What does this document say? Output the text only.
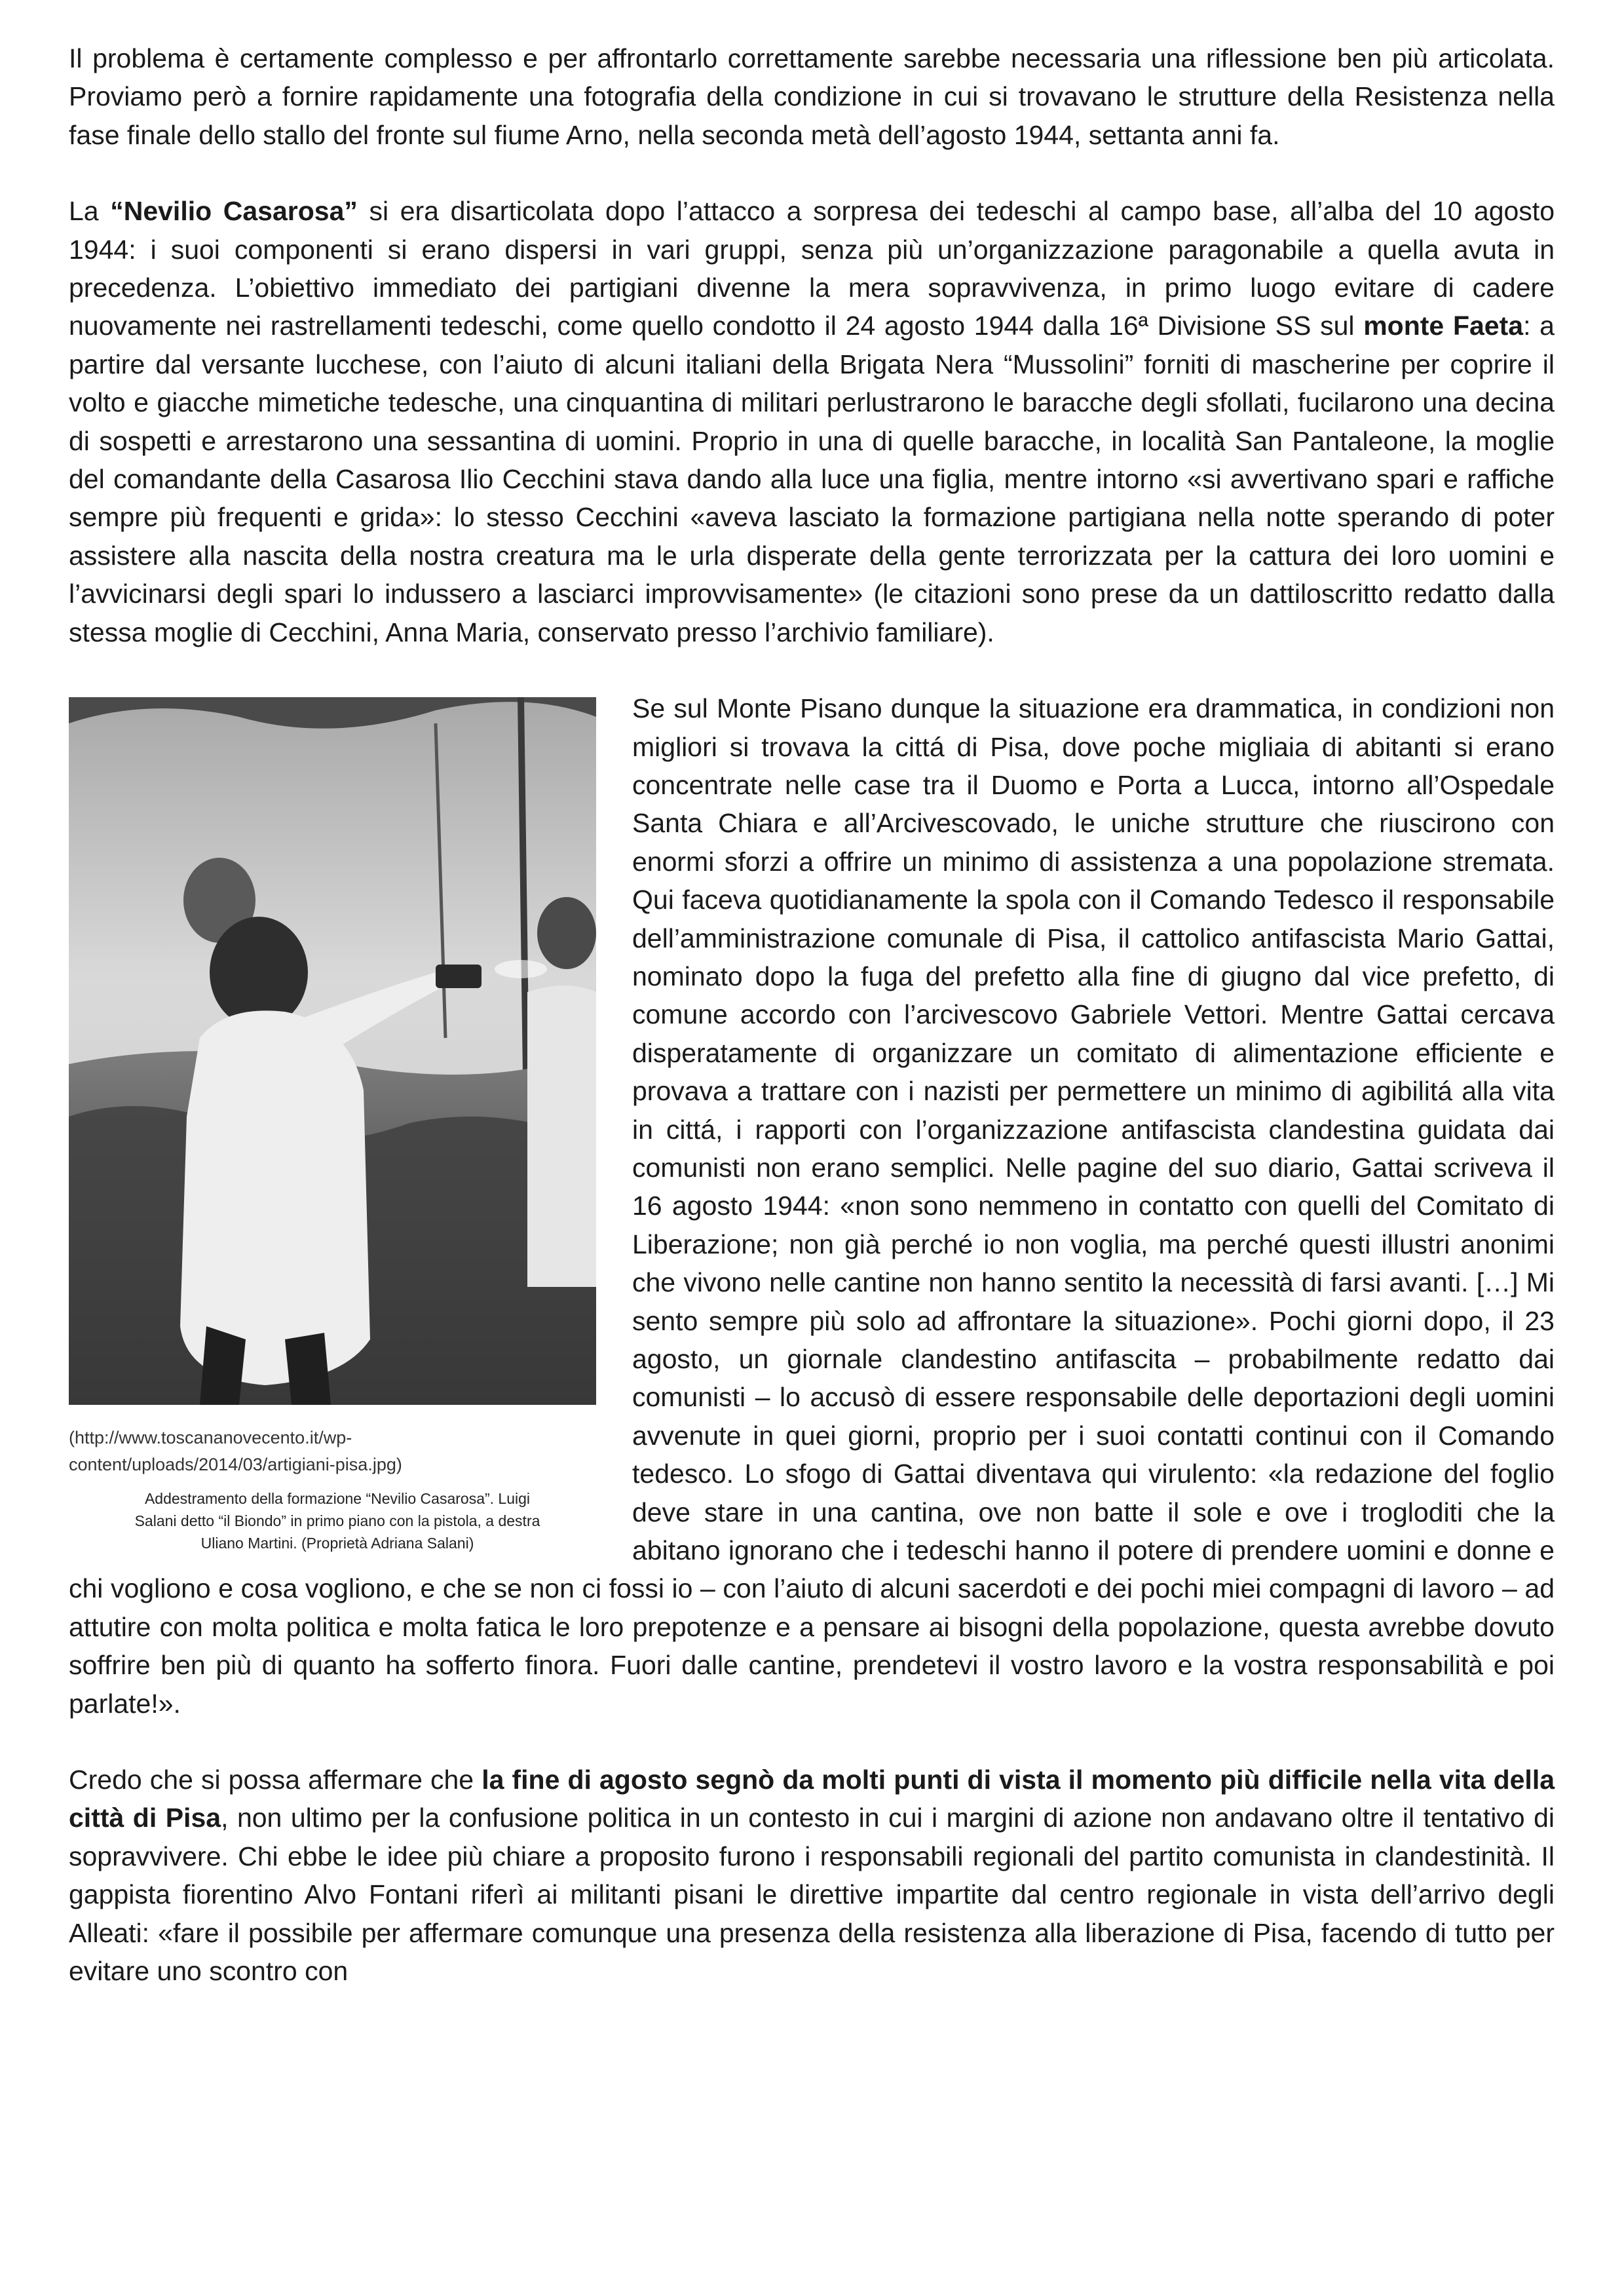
Il problema è certamente complesso e per affrontarlo correttamente sarebbe necessaria una riflessione ben più articolata. Proviamo però a fornire rapidamente una fotografia della condizione in cui si trovavano le strutture della Resistenza nella fase finale dello stallo del fronte sul fiume Arno, nella seconda metà dell’agosto 1944, settanta anni fa.

La “Nevilio Casarosa” si era disarticolata dopo l’attacco a sorpresa dei tedeschi al campo base, all’alba del 10 agosto 1944: i suoi componenti si erano dispersi in vari gruppi, senza più un’organizzazione paragonabile a quella avuta in precedenza. L’obiettivo immediato dei partigiani divenne la mera sopravvivenza, in primo luogo evitare di cadere nuovamente nei rastrellamenti tedeschi, come quello condotto il 24 agosto 1944 dalla 16ª Divisione SS sul monte Faeta: a partire dal versante lucchese, con l’aiuto di alcuni italiani della Brigata Nera “Mussolini” forniti di mascherine per coprire il volto e giacche mimetiche tedesche, una cinquantina di militari perlustrarono le baracche degli sfollati, fucilarono una decina di sospetti e arrestarono una sessantina di uomini. Proprio in una di quelle baracche, in località San Pantaleone, la moglie del comandante della Casarosa Ilio Cecchini stava dando alla luce una figlia, mentre intorno «si avvertivano spari e raffiche sempre più frequenti e grida»: lo stesso Cecchini «aveva lasciato la formazione partigiana nella notte sperando di poter assistere alla nascita della nostra creatura ma le urla disperate della gente terrorizzata per la cattura dei loro uomini e l’avvicinarsi degli spari lo indussero a lasciarci improvvisamente» (le citazioni sono prese da un dattiloscritto redatto dalla stessa moglie di Cecchini, Anna Maria, conservato presso l’archivio familiare).

(http://www.toscananovecento.it/wp-
content/uploads/2014/03/artigiani-pisa.jpg)
Addestramento della formazione “Nevilio Casarosa”. Luigi
Salani detto “il Biondo” in primo piano con la pistola, a destra
Uliano Martini. (Proprietà Adriana Salani)
Se sul Monte Pisano dunque la situazione era drammatica, in condizioni non migliori si trovava la cittá di Pisa, dove poche migliaia di abitanti si erano concentrate nelle case tra il Duomo e Porta a Lucca, intorno all’Ospedale Santa Chiara e all’Arcivescovado, le uniche strutture che riuscirono con enormi sforzi a offrire un minimo di assistenza a una popolazione stremata. Qui faceva quotidianamente la spola con il Comando Tedesco il responsabile dell’amministrazione comunale di Pisa, il cattolico antifascista Mario Gattai, nominato dopo la fuga del prefetto alla fine di giugno dal vice prefetto, di comune accordo con l’arcivescovo Gabriele Vettori. Mentre Gattai cercava disperatamente di organizzare un comitato di alimentazione efficiente e provava a trattare con i nazisti per permettere un minimo di agibilitá alla vita in cittá, i rapporti con l’organizzazione antifascista clandestina guidata dai comunisti non erano semplici. Nelle pagine del suo diario, Gattai scriveva il 16 agosto 1944: «non sono nemmeno in contatto con quelli del Comitato di Liberazione; non già perché io non voglia, ma perché questi illustri anonimi che vivono nelle cantine non hanno sentito la necessità di farsi avanti. […] Mi sento sempre più solo ad affrontare la situazione». Pochi giorni dopo, il 23 agosto, un giornale clandestino antifascita – probabilmente redatto dai comunisti – lo accusò di essere responsabile delle deportazioni degli uomini avvenute in quei giorni, proprio per i suoi contatti continui con il Comando tedesco. Lo sfogo di Gattai diventava qui virulento: «la redazione del foglio deve stare in una cantina, ove non batte il sole e ove i trogloditi che la abitano ignorano che i tedeschi hanno il potere di prendere uomini e donne e chi vogliono e cosa vogliono, e che se non ci fossi io – con l’aiuto di alcuni sacerdoti e dei pochi miei compagni di lavoro – ad attutire con molta politica e molta fatica le loro prepotenze e a pensare ai bisogni della popolazione, questa avrebbe dovuto soffrire ben più di quanto ha sofferto finora. Fuori dalle cantine, prendetevi il vostro lavoro e la vostra responsabilità e poi parlate!».

Credo che si possa affermare che la fine di agosto segnò da molti punti di vista il momento più difficile nella vita della città di Pisa, non ultimo per la confusione politica in un contesto in cui i margini di azione non andavano oltre il tentativo di sopravvivere. Chi ebbe le idee più chiare a proposito furono i responsabili regionali del partito comunista in clandestinità. Il gappista fiorentino Alvo Fontani riferì ai militanti pisani le direttive impartite dal centro regionale in vista dell’arrivo degli Alleati: «fare il possibile per affermare comunque una presenza della resistenza alla liberazione di Pisa, facendo di tutto per evitare uno scontro con
